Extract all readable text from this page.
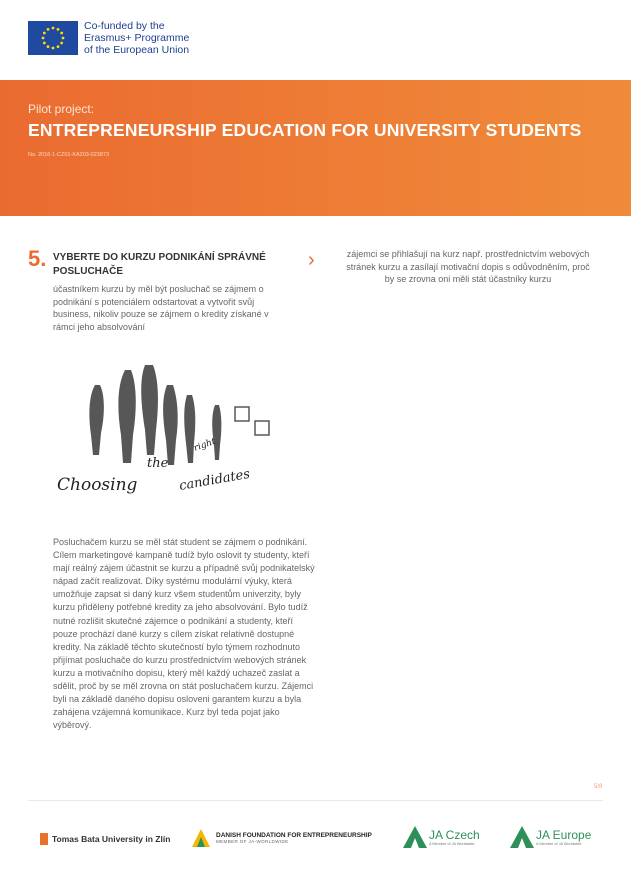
Co-funded by the
Erasmus+ Programme
of the European Union
Pilot project:
ENTREPRENEURSHIP EDUCATION FOR UNIVERSITY STUDENTS
No. 2016-1-CZ01-KA203-023873
5. VYBERTE DO KURZU PODNIKÁNÍ SPRÁVNÉ POSLUCHAČE
účastníkem kurzu by měl být posluchač se zájmem o podnikání s potenciálem odstartovat a vytvořit svůj business, nikoliv pouze se zájmem o kredity získané v rámci jeho absolvování
›	zájemci se přihlašují na kurz např. prostřednictvím webových stránek kurzu a zasílají motivační dopis s odůvodněním, proč by se zrovna oni měli stát účastníky kurzu
Choosing
the
right
candidates
Posluchačem kurzu se měl stát student se zájmem o podnikání. Cílem marketingové kampaně tudíž bylo oslovit ty studenty, kteří mají reálný zájem účastnit se kurzu a případně svůj podnikatelský nápad začít realizovat. Díky systému modulární výuky, která umožňuje zapsat si daný kurz všem studentům univerzity, byly kurzu přiděleny potřebné kredity za jeho absolvování. Bylo tudíž nutné rozlišit skutečné zájemce o podnikání a studenty, kteří pouze prochází dané kurzy s cílem získat relativně dostupné kredity. Na základě těchto skutečností bylo týmem rozhodnuto přijímat posluchače do kurzu prostřednictvím webových stránek kurzu a motivačního dopisu, který měl každý uchazeč zaslat a sdělit, proč by se měl zrovna on stát posluchačem kurzu. Zájemci byli na základě daného dopisu osloveni garantem kurzu a byla zahájena vzájemná komunikace. Kurz byl teda pojat jako výběrový.
5/8
Tomas Bata University in Zlín	DANISH FOUNDATION FOR ENTREPRENEURSHIP
MEMBER OF JA-WORLDWIDE	JA Czech
A Member of JA Worldwide
JA Europe
A Member of JA Worldwide
